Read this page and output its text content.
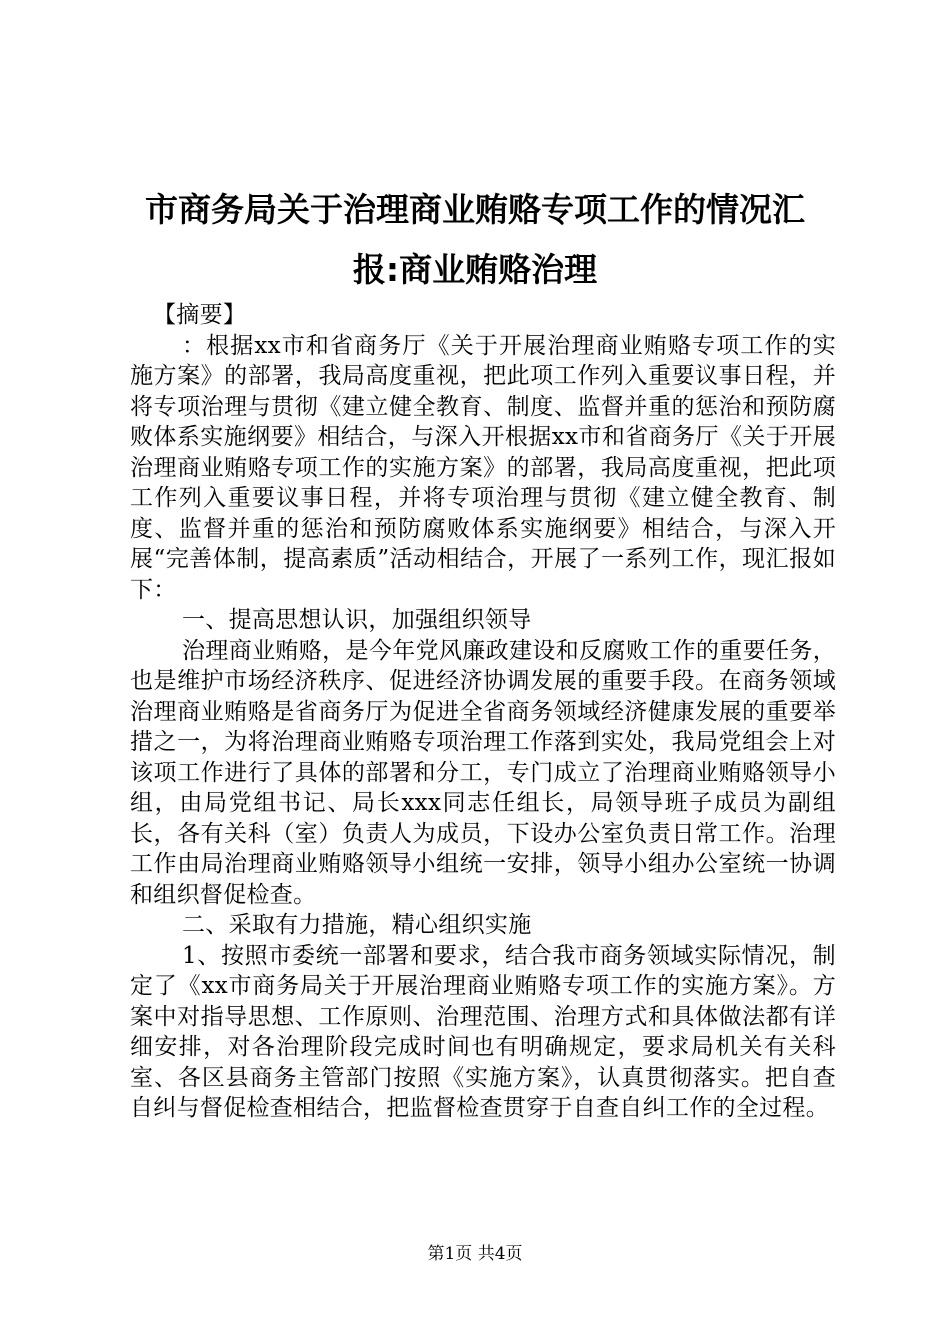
市商务局关于治理商业贿赂专项工作的情况汇
报:商业贿赂治理

【摘要】

：根据xx市和省商务厅《关于开展治理商业贿赂专项工作的实施方案》的部署，我局高度重视，把此项工作列入重要议事日程，并将专项治理与贯彻《建立健全教育、制度、监督并重的惩治和预防腐败体系实施纲要》相结合，与深入开根据xx市和省商务厅《关于开展治理商业贿赂专项工作的实施方案》的部署，我局高度重视，把此项工作列入重要议事日程，并将专项治理与贯彻《建立健全教育、制度、监督并重的惩治和预防腐败体系实施纲要》相结合，与深入开展“完善体制，提高素质”活动相结合，开展了一系列工作，现汇报如下：

一、提高思想认识，加强组织领导

治理商业贿赂，是今年党风廉政建设和反腐败工作的重要任务，也是维护市场经济秩序、促进经济协调发展的重要手段。在商务领域治理商业贿赂是省商务厅为促进全省商务领域经济健康发展的重要举措之一，为将治理商业贿赂专项治理工作落到实处，我局党组会上对该项工作进行了具体的部署和分工，专门成立了治理商业贿赂领导小组，由局党组书记、局长xxx同志任组长，局领导班子成员为副组长，各有关科（室）负责人为成员，下设办公室负责日常工作。治理工作由局治理商业贿赂领导小组统一安排，领导小组办公室统一协调和组织督促检查。

二、采取有力措施，精心组织实施

1、按照市委统一部署和要求，结合我市商务领域实际情况，制定了《xx市商务局关于开展治理商业贿赂专项工作的实施方案》。方案中对指导思想、工作原则、治理范围、治理方式和具体做法都有详细安排，对各治理阶段完成时间也有明确规定，要求局机关有关科室、各区县商务主管部门按照《实施方案》，认真贯彻落实。把自查自纠与督促检查相结合，把监督检查贯穿于自查自纠工作的全过程。

第1页 共4页
